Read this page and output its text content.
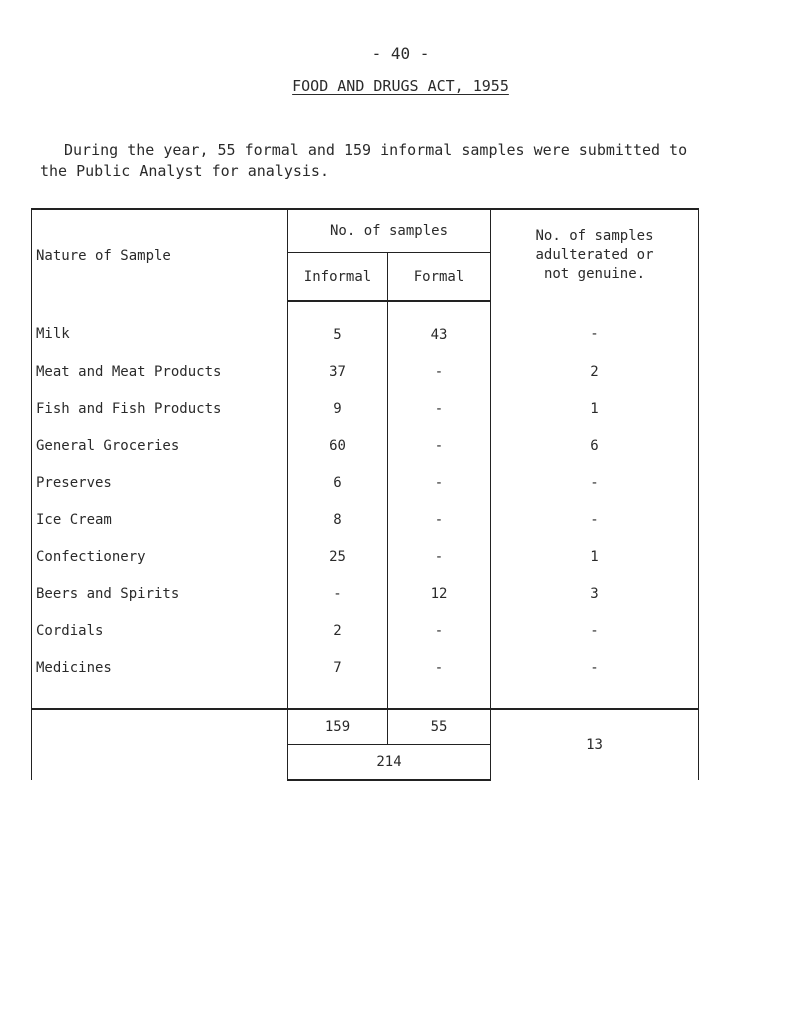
- 40 -
FOOD AND DRUGS ACT, 1955
During the year, 55 formal and 159 informal samples were submitted to
the Public Analyst for analysis.
Nature of Sample	No. of samples		No. of samples
adulterated or
not genuine.

	Informal	Formal	
Milk	5	43	-
Meat and Meat Products	37	-	2
Fish and Fish Products	9	-	1
General Groceries	60	-	6
Preserves	6	-	-
Ice Cream	8	-	-
Confectionery	25	-	1
Beers and Spirits	-	12	3
Cordials	2	-	-
Medicines	7	-	-
	159	55	13
	214		
